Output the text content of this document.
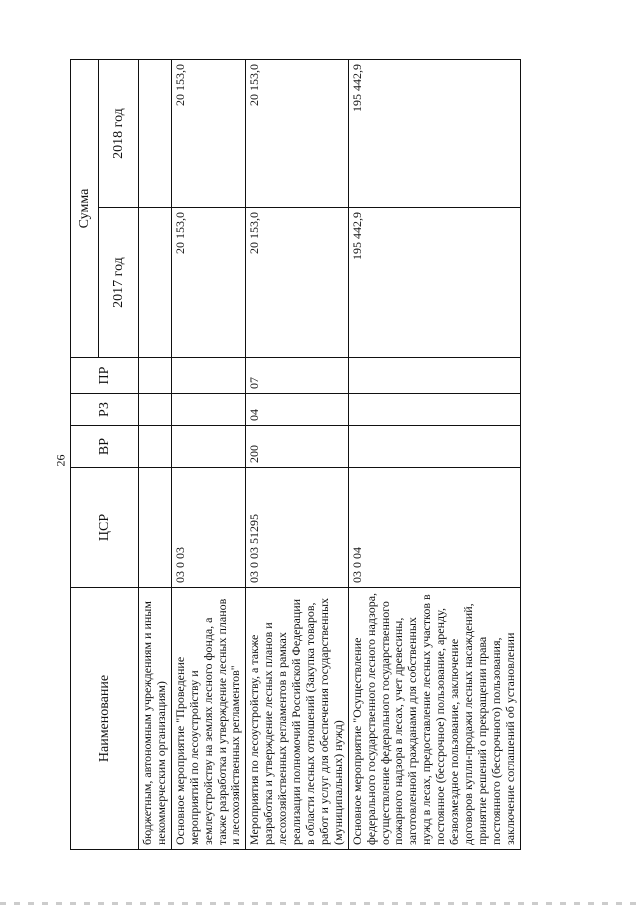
26
Наименование	ЦСР	ВР	РЗ	ПР	Сумма	
					2017 год	2018 год
бюджетным, автономным учреждениям и иным некоммерческим организациям)						
Основное мероприятие "Проведение мероприятий по лесоустройству и землеустройству на землях лесного фонда, а также разработка и утверждение лесных планов и лесохозяйственных регламентов"	03 0 03				20 153,0	20 153,0
Мероприятия по лесоустройству, а также разработка и утверждение лесных планов и лесохозяйственных регламентов в рамках реализации полномочий Российской Федерации в области лесных отношений (Закупка товаров, работ и услуг для обеспечения государственных (муниципальных) нужд)	03 0 03 51295	200	04	07	20 153,0	20 153,0
Основное мероприятие "Осуществление федерального государственного лесного надзора, осуществление федерального государственного пожарного надзора в лесах, учет древесины, заготовленной гражданами для собственных нужд в лесах, предоставление лесных участков в постоянное (бессрочное) пользование, аренду, безвозмездное пользование, заключение договоров купли-продажи лесных насаждений, принятие решений о прекращении права постоянного (бессрочного) пользования, заключение соглашений об установлении	03 0 04				195 442,9	195 442,9
